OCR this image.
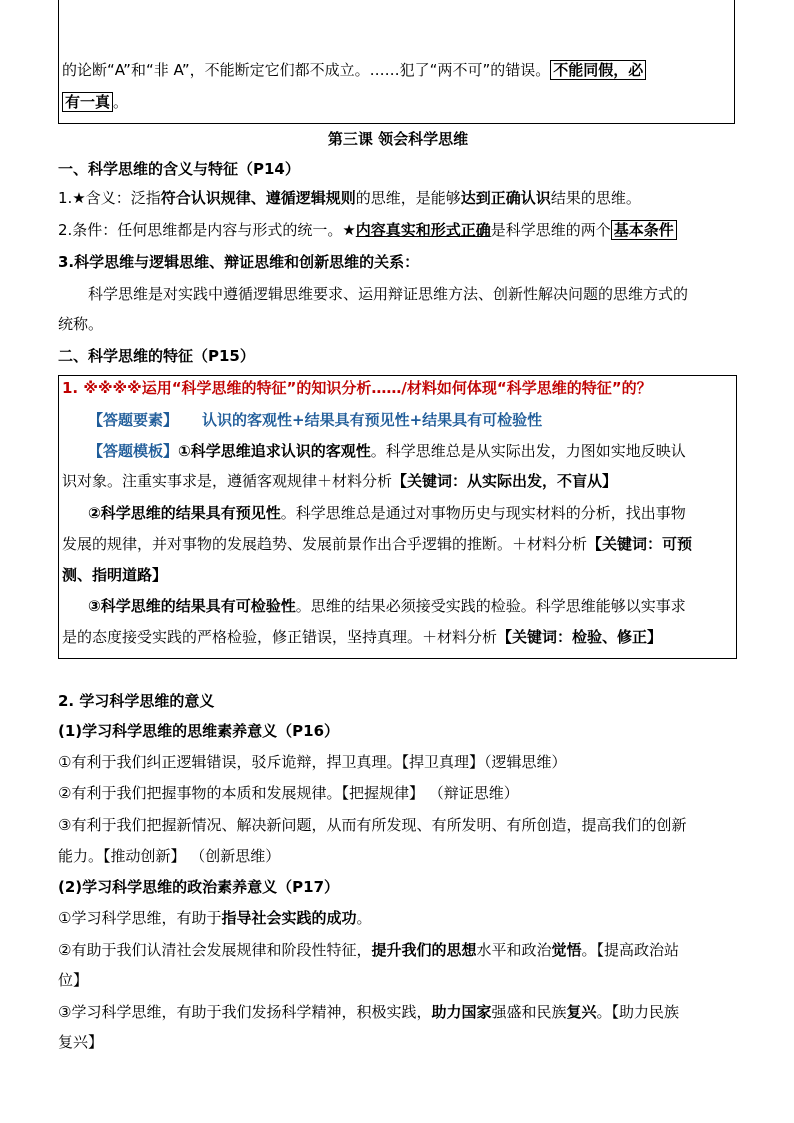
的论断“A”和“非 A”，不能断定它们都不成立。……犯了“两不可”的错误。 不能同假，必
有一真 。
第三课 领会科学思维
一、科学思维的含义与特征（P14）
1.★含义：泛指符合认识规律、遵循逻辑规则的思维，是能够达到正确认识结果的思维。
2.条件：任何思维都是内容与形式的统一。★内容真实和形式正确是科学思维的两个 基本条件
3.科学思维与逻辑思维、辩证思维和创新思维的关系：
科学思维是对实践中遵循逻辑思维要求、运用辩证思维方法、创新性解决问题的思维方式的
统称。
二、科学思维的特征（P15）
1. ※※※※运用“科学思维的特征”的知识分析……/材料如何体现“科学思维的特征”的？
【答题要素】 认识的客观性+结果具有预见性+结果具有可检验性
【答题模板】①科学思维追求认识的客观性。科学思维总是从实际出发，力图如实地反映认
识对象。注重实事求是，遵循客观规律＋材料分析【关键词：从实际出发，不盲从】
②科学思维的结果具有预见性。科学思维总是通过对事物历史与现实材料的分析，找出事物
发展的规律，并对事物的发展趋势、发展前景作出合乎逻辑的推断。＋材料分析【关键词：可预
测、指明道路】
③科学思维的结果具有可检验性。思维的结果必须接受实践的检验。科学思维能够以实事求
是的态度接受实践的严格检验，修正错误，坚持真理。＋材料分析【关键词：检验、修正】
2. 学习科学思维的意义
(1)学习科学思维的思维素养意义（P16）
①有利于我们纠正逻辑错误，驳斥诡辩，捍卫真理。【捍卫真理】（逻辑思维）
②有利于我们把握事物的本质和发展规律。【把握规律】 （辩证思维）
③有利于我们把握新情况、解决新问题，从而有所发现、有所发明、有所创造，提高我们的创新
能力。【推动创新】 （创新思维）
(2)学习科学思维的政治素养意义（P17）
①学习科学思维，有助于指导社会实践的成功。
②有助于我们认清社会发展规律和阶段性特征，提升我们的思想水平和政治觉悟。【提高政治站
位】
③学习科学思维，有助于我们发扬科学精神，积极实践，助力国家强盛和民族复兴。【助力民族
复兴】
